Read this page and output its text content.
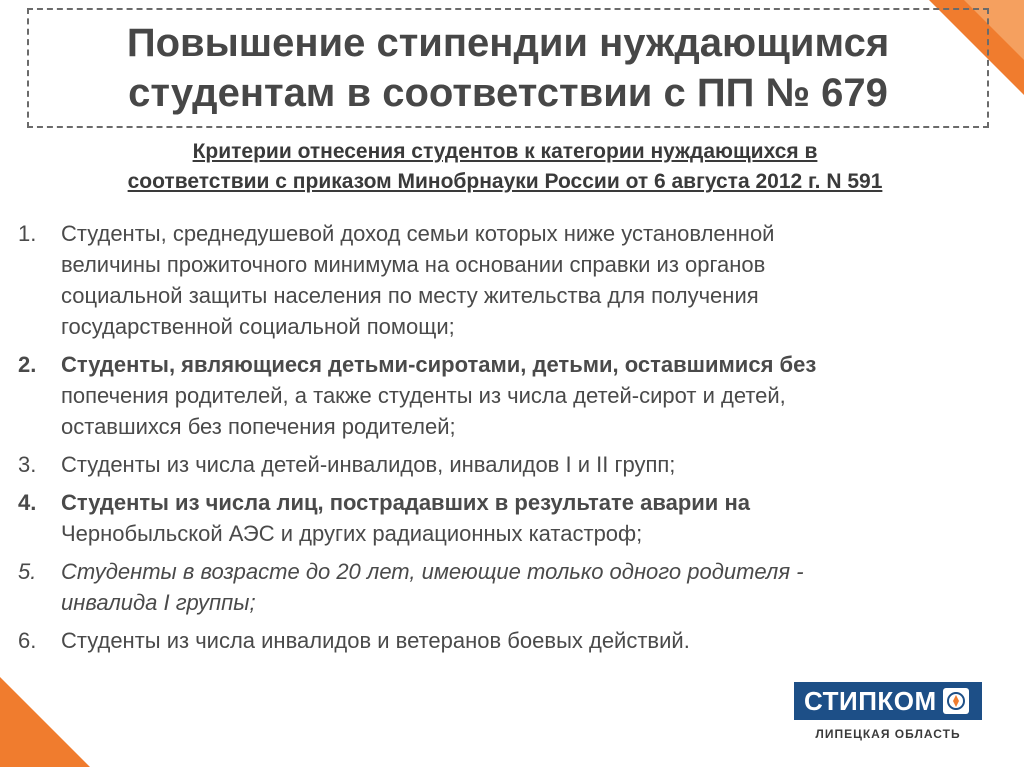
Повышение стипендии нуждающимся
студентам в соответствии с ПП № 679
Критерии отнесения студентов к категории нуждающихся в
соответствии с приказом Минобрнауки России от 6 августа 2012 г. N 591
1.	Студенты, среднедушевой доход семьи которых ниже установленной
величины прожиточного минимума на основании справки из органов
социальной защиты населения по месту жительства для получения
государственной социальной помощи;
2.	Студенты, являющиеся детьми-сиротами, детьми, оставшимися без
попечения родителей, а также студенты из числа детей-сирот и детей,
оставшихся без попечения родителей;
3.	Студенты из числа детей-инвалидов, инвалидов I и II групп;
4.	Студенты из числа лиц, пострадавших в результате аварии на
Чернобыльской АЭС и других радиационных катастроф;
5.	Студенты в возрасте до 20 лет, имеющие только одного родителя -
инвалида I группы;
6.	Студенты из числа инвалидов и ветеранов боевых действий.
СТИПКОМ
ЛИПЕЦКАЯ ОБЛАСТЬ
